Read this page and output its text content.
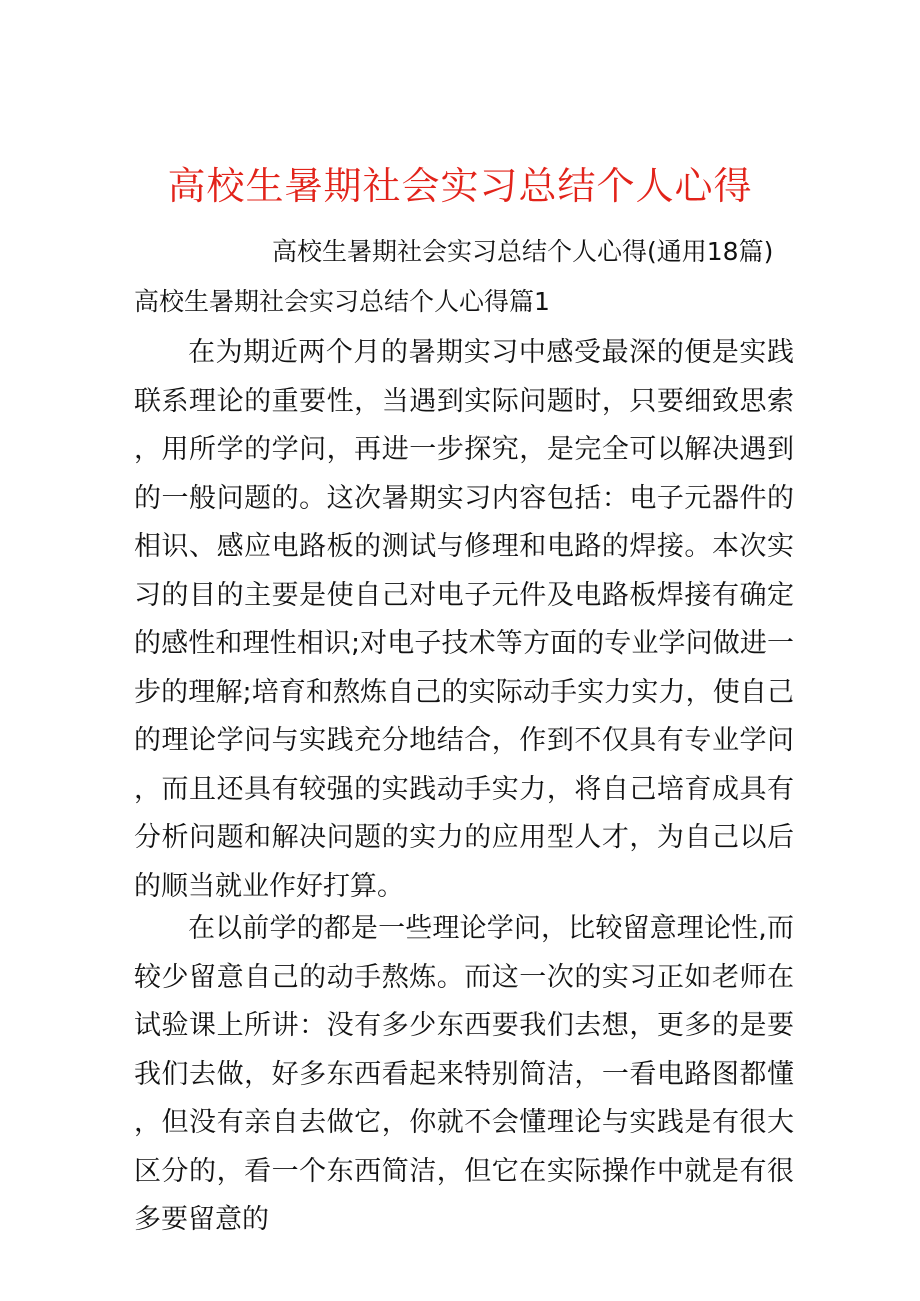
高校生暑期社会实习总结个人心得

高校生暑期社会实习总结个人心得(通用18篇)

高校生暑期社会实习总结个人心得篇1

在为期近两个月的暑期实习中感受最深的便是实践联系理论的重要性，当遇到实际问题时，只要细致思索，用所学的学问，再进一步探究，是完全可以解决遇到的一般问题的。这次暑期实习内容包括：电子元器件的相识、感应电路板的测试与修理和电路的焊接。本次实习的目的主要是使自己对电子元件及电路板焊接有确定的感性和理性相识;对电子技术等方面的专业学问做进一步的理解;培育和熬炼自己的实际动手实力实力，使自己的理论学问与实践充分地结合，作到不仅具有专业学问，而且还具有较强的实践动手实力，将自己培育成具有分析问题和解决问题的实力的应用型人才，为自己以后的顺当就业作好打算。

在以前学的都是一些理论学问，比较留意理论性,而较少留意自己的动手熬炼。而这一次的实习正如老师在试验课上所讲：没有多少东西要我们去想，更多的是要我们去做，好多东西看起来特别简洁，一看电路图都懂，但没有亲自去做它，你就不会懂理论与实践是有很大区分的，看一个东西简洁，但它在实际操作中就是有很多要留意的
